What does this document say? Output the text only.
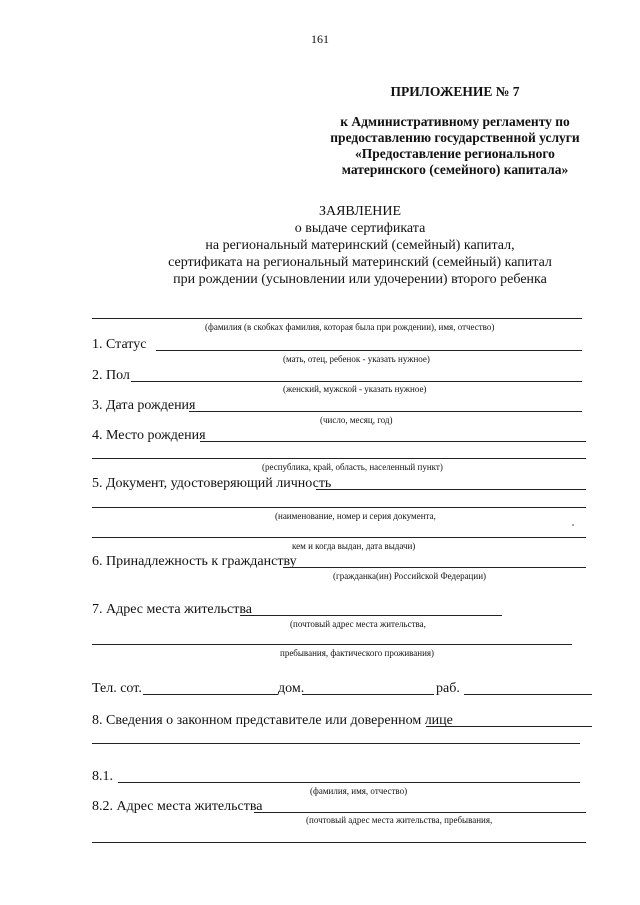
161
ПРИЛОЖЕНИЕ № 7
к Административному регламенту по
предоставлению государственной услуги
«Предоставление регионального
материнского (семейного) капитала»
ЗАЯВЛЕНИЕ
о выдаче сертификата
на региональный материнский (семейный) капитал,
сертификата на региональный материнский (семейный) капитал
при рождении (усыновлении или удочерении) второго ребенка
(фамилия (в скобках фамилия, которая была при рождении), имя, отчество)
1. Статус
(мать, отец, ребенок - указать нужное)
2. Пол
(женский, мужской - указать нужное)
3. Дата рождения
(число, месяц, год)
4. Место рождения
(республика, край, область, населенный пункт)
5. Документ, удостоверяющий личность
(наименование, номер и серия документа,
кем и когда выдан, дата выдачи)
6. Принадлежность к гражданству
(гражданка(ин) Российской Федерации)
7. Адрес места жительства
(почтовый адрес места жительства,
пребывания, фактического проживания)
Тел. сот.	дом.	раб.
8. Сведения о законном представителе или доверенном лице
8.1.
(фамилия, имя, отчество)
8.2. Адрес места жительства
(почтовый адрес места жительства, пребывания,
